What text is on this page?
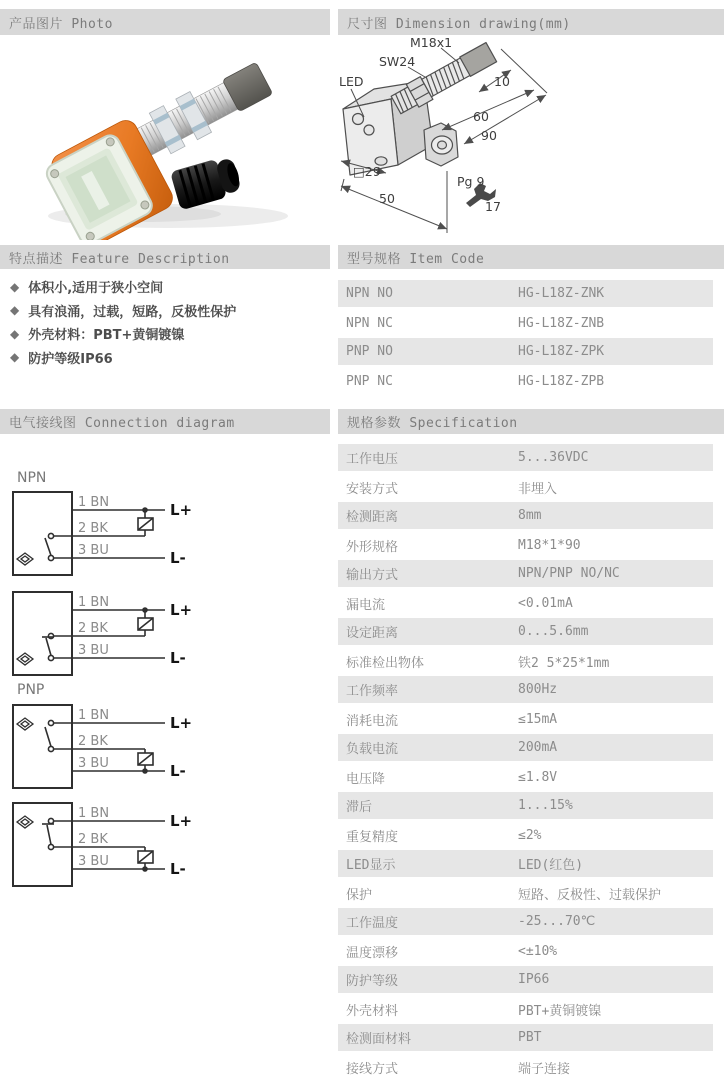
产品图片 Photo	尺寸图 Dimension drawing(mm)
特点描述 Feature Description	型号规格 Item Code
电气接线图 Connection diagram	规格参数 Specification
M18x1
SW24
LED	10
60
90
□29
50
Pg 9
17
◆ 体积小,适用于狭小空间
◆ 具有浪涌，过载，短路，反极性保护
◆ 外壳材料：PBT+黄铜镀镍
◆ 防护等级IP66
NPN NO	HG-L18Z-ZNK
NPN NC	HG-L18Z-ZNB
PNP NO	HG-L18Z-ZPK
PNP NC	HG-L18Z-ZPB
NPN
1 BN
2 BK
3 BU
L+
L-
1 BN
2 BK
3 BU
L+
L-
PNP
1 BN
2 BK
3 BU
L+
L-
1 BN
2 BK
3 BU
L+
L-
工作电压	5...36VDC
安装方式	非埋入
检测距离	8mm
外形规格	M18*1*90
输出方式	NPN/PNP NO/NC
漏电流	<0.01mA
设定距离	0...5.6mm
标准检出物体	铁2 5*25*1mm
工作频率	800Hz
消耗电流	≤15mA
负载电流	200mA
电压降	≤1.8V
滞后	1...15%
重复精度	≤2%
LED显示	LED(红色)
保护	短路、反极性、过载保护
工作温度	-25...70℃
温度漂移	<±10%
防护等级	IP66
外壳材料	PBT+黄铜镀镍
检测面材料	PBT
接线方式	端子连接
